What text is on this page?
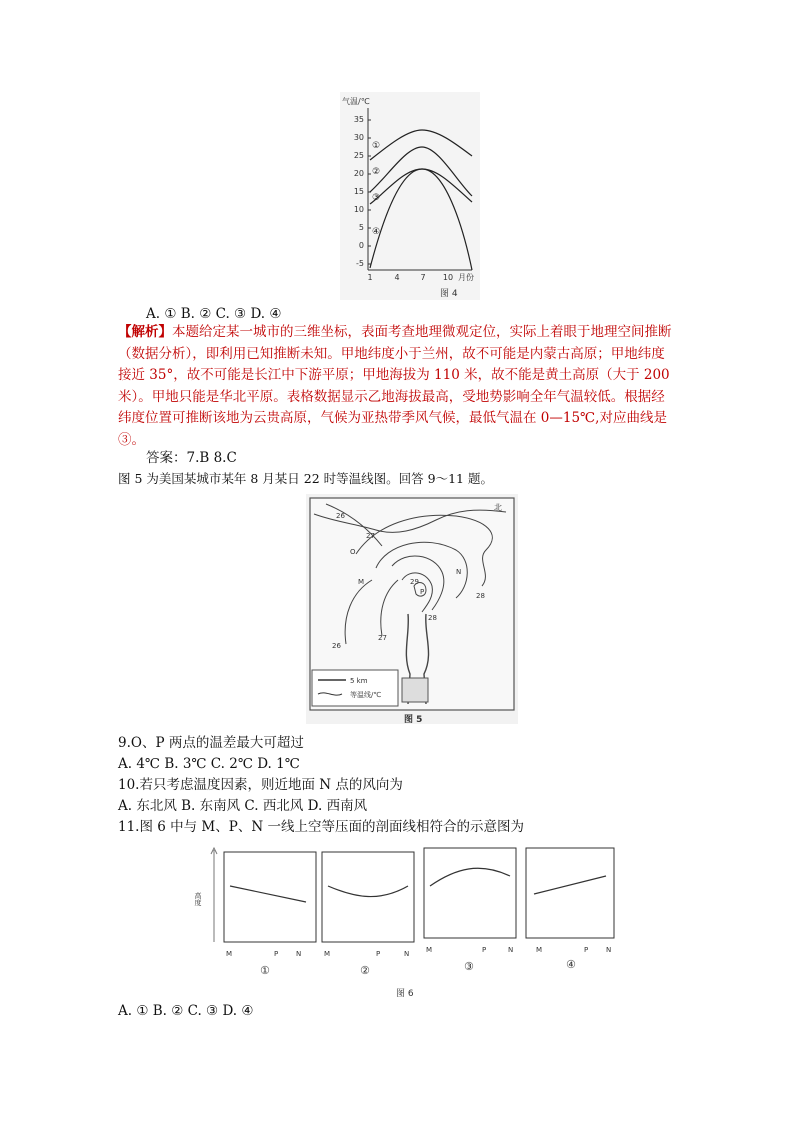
气温/℃
35
30
25
20
15
10
5
0
-5
1	4	7 10 月份
①
②
③
④
图 4
A. ① B. ② C. ③ D. ④
【解析】本题给定某一城市的三维坐标，表面考查地理微观定位，实际上着眼于地理空间推断（数据分析），即利用已知推断未知。甲地纬度小于兰州，故不可能是内蒙古高原；甲地纬度接近 35°，故不可能是长江中下游平原；甲地海拔为 110 米，故不能是黄土高原（大于 200 米）。甲地只能是华北平原。表格数据显示乙地海拔最高，受地势影响全年气温较低。根据经纬度位置可推断该地为云贵高原，气候为亚热带季风气候，最低气温在 0—15℃,对应曲线是③。
答案：7.B 8.C
图 5 为美国某城市某年 8 月某日 22 时等温线图。回答 9～11 题。
北
O
M
N
P
26
27
28
26
27
28
29
5 km
等温线/℃
图 5
9.O、P 两点的温差最大可超过
A. 4℃ B. 3℃ C. 2℃ D. 1℃
10.若只考虑温度因素，则近地面 N 点的风向为
A. 东北风 B. 东南风 C. 西北风 D. 西南风
11.图 6 中与 M、P、N 一线上空等压面的剖面线相符合的示意图为
高度
M	P	N
①
M	P	N
②
M	P	N
③
M	P	N
④
图 6
A. ① B. ② C. ③ D. ④
